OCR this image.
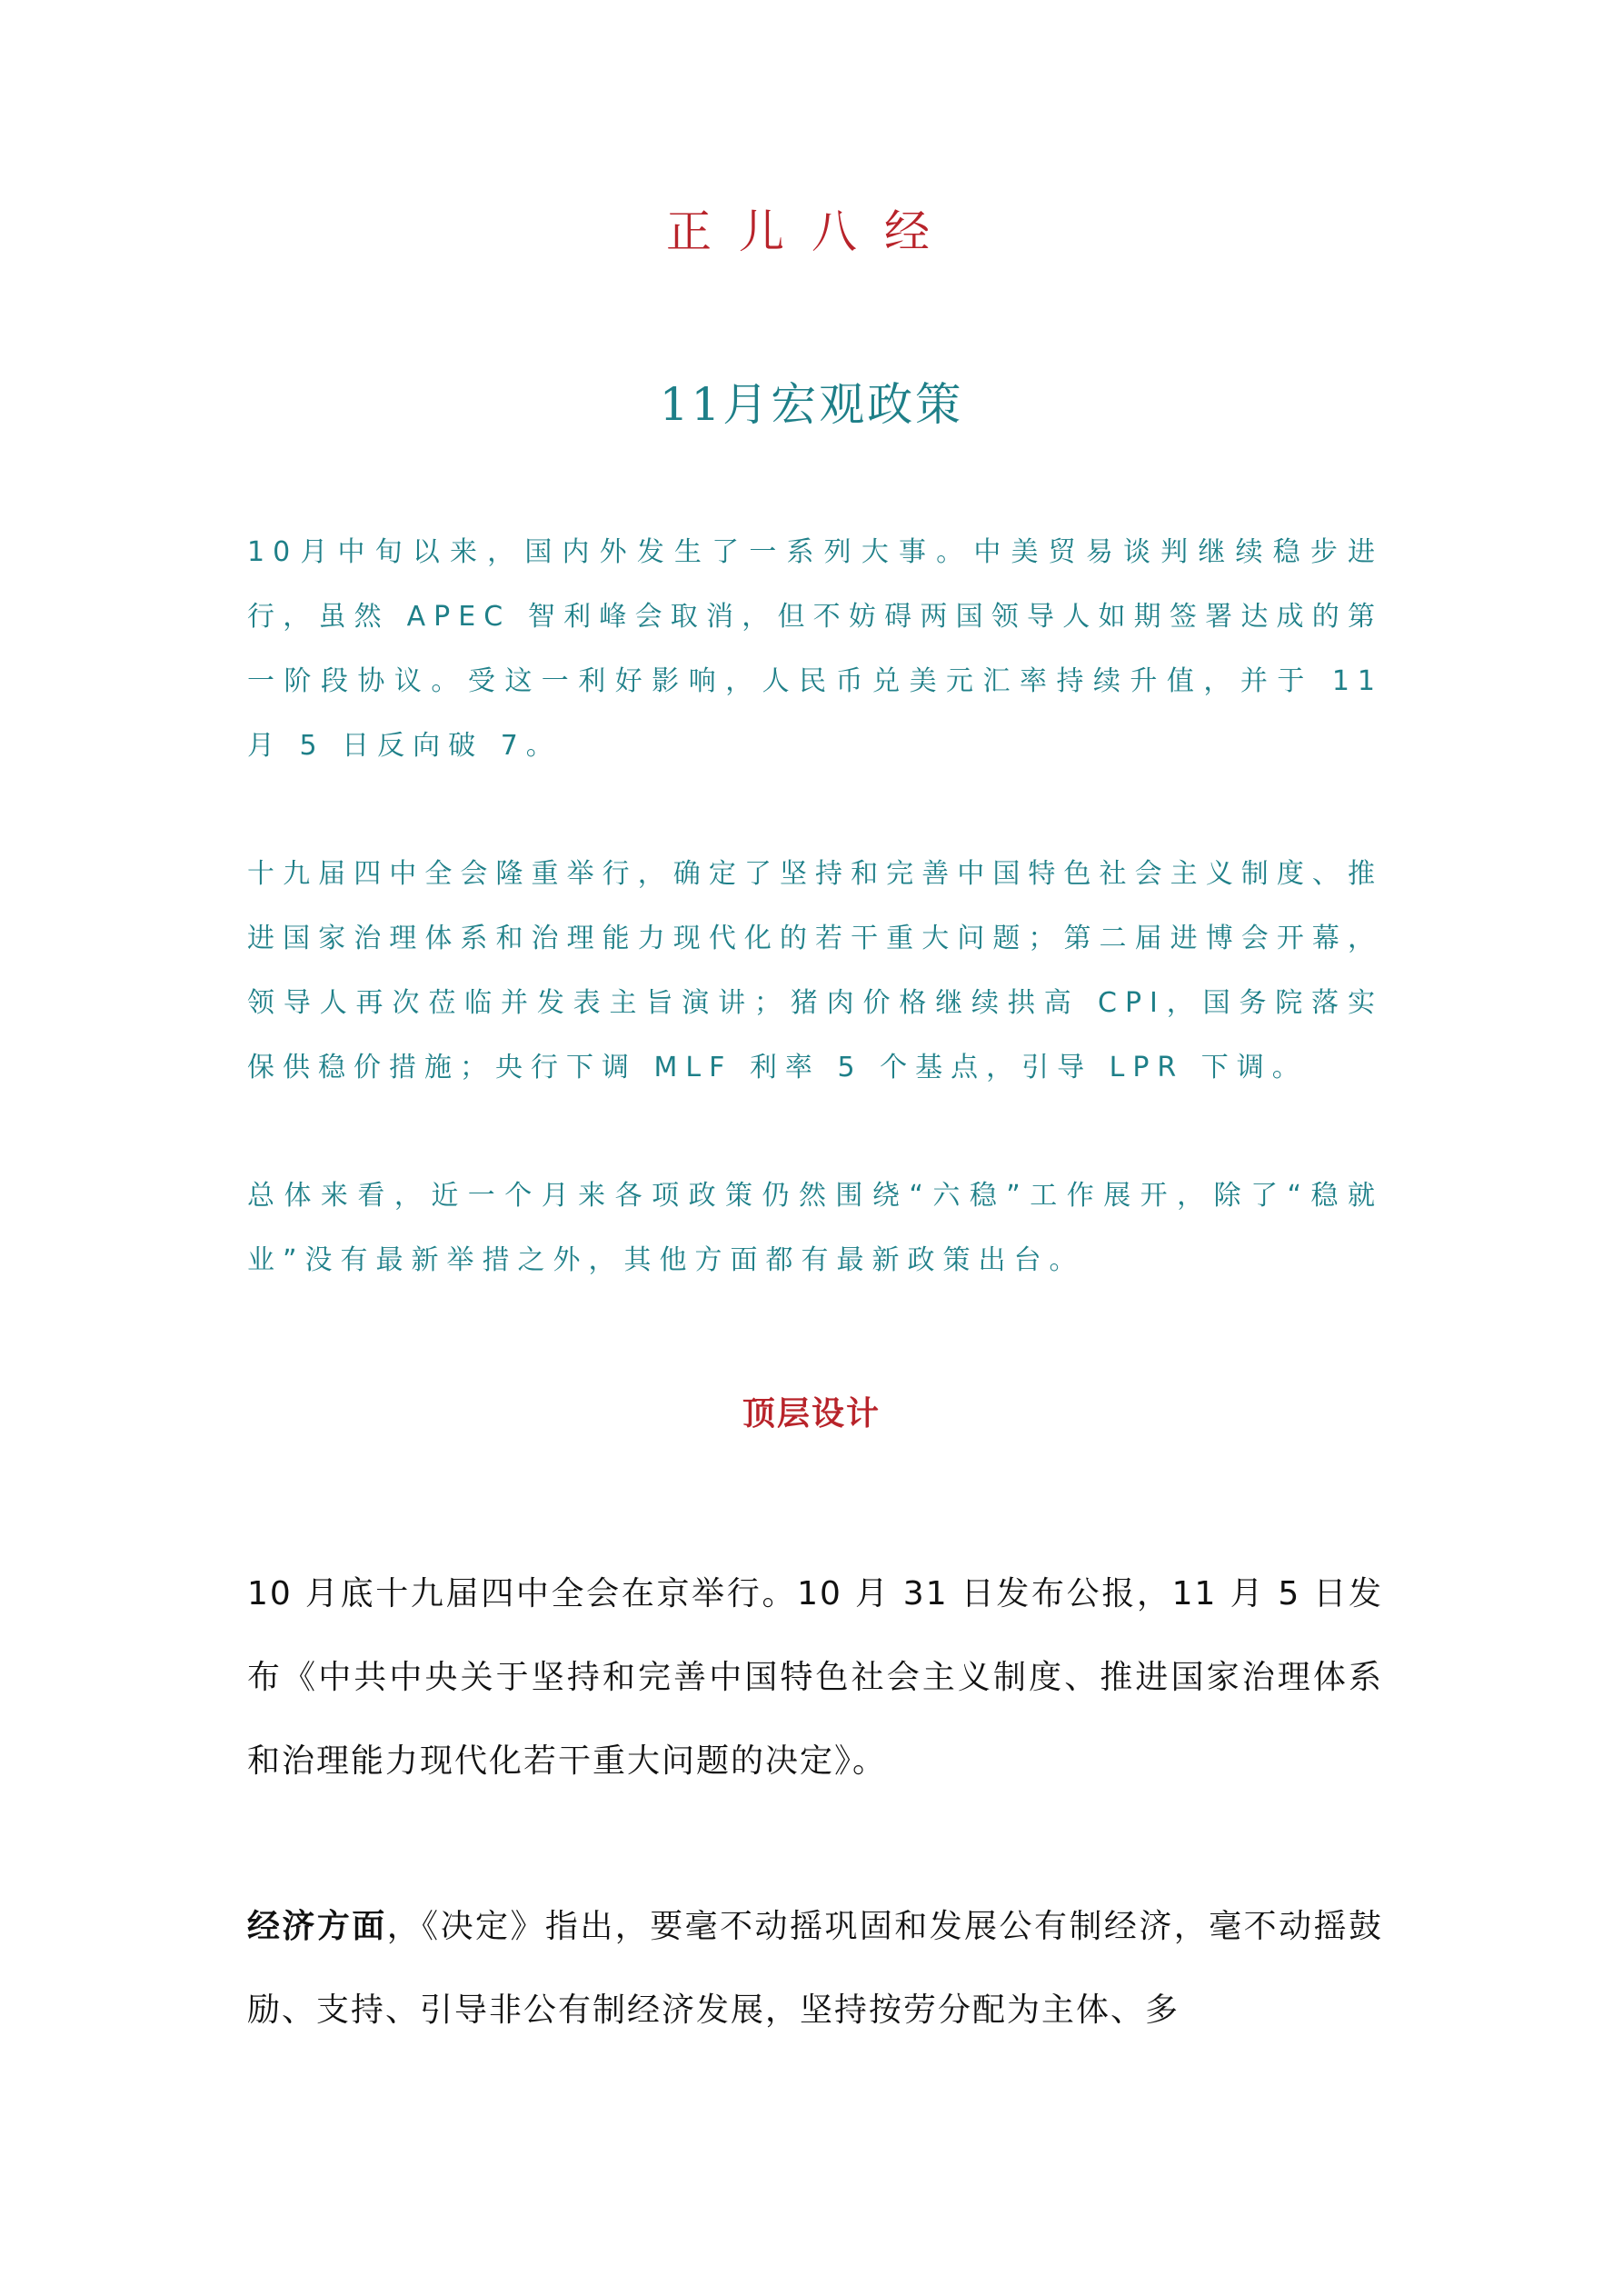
正儿八经
11月宏观政策

10月中旬以来，国内外发生了一系列大事。中美贸易谈判继续稳步进行，虽然 APEC 智利峰会取消，但不妨碍两国领导人如期签署达成的第一阶段协议。受这一利好影响，人民币兑美元汇率持续升值，并于 11 月 5 日反向破 7。

十九届四中全会隆重举行，确定了坚持和完善中国特色社会主义制度、推进国家治理体系和治理能力现代化的若干重大问题；第二届进博会开幕，领导人再次莅临并发表主旨演讲；猪肉价格继续拱高 CPI，国务院落实保供稳价措施；央行下调 MLF 利率 5 个基点，引导 LPR 下调。

总体来看，近一个月来各项政策仍然围绕“六稳”工作展开，除了“稳就业”没有最新举措之外，其他方面都有最新政策出台。

顶层设计

10 月底十九届四中全会在京举行。10 月 31 日发布公报，11 月 5 日发布《中共中央关于坚持和完善中国特色社会主义制度、推进国家治理体系和治理能力现代化若干重大问题的决定》。

经济方面，《决定》指出，要毫不动摇巩固和发展公有制经济，毫不动摇鼓励、支持、引导非公有制经济发展，坚持按劳分配为主体、多
